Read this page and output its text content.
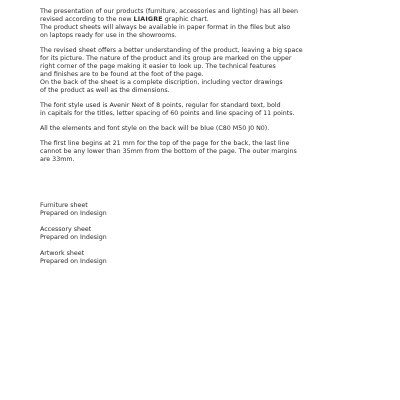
The presentation of our products (furniture, accessories and lighting) has all been
revised according to the new LIAIGRE graphic chart.
The product sheets will always be available in paper format in the files but also
on laptops ready for use in the showrooms.

The revised sheet offers a better understanding of the product, leaving a big space
for its picture. The nature of the product and its group are marked on the upper
right corner of the page making it easier to look up. The technical features
and finishes are to be found at the foot of the page.
On the back of the sheet is a complete discription, including vector drawings
of the product as well as the dimensions.

The font style used is Avenir Next of 8 points, regular for standard text, bold
in capitals for the titles, letter spacing of 60 points and line spacing of 11 points.

All the elements and font style on the back will be blue (C80 M50 J0 N0).

The first line begins at 21 mm for the top of the page for the back, the last line
cannot be any lower than 35mm from the bottom of the page. The outer margins
are 33mm.

Furniture sheet
Prepared on Indesign
Accessory sheet
Prepared on Indesign
Artwork sheet
Prepared on Indesign
